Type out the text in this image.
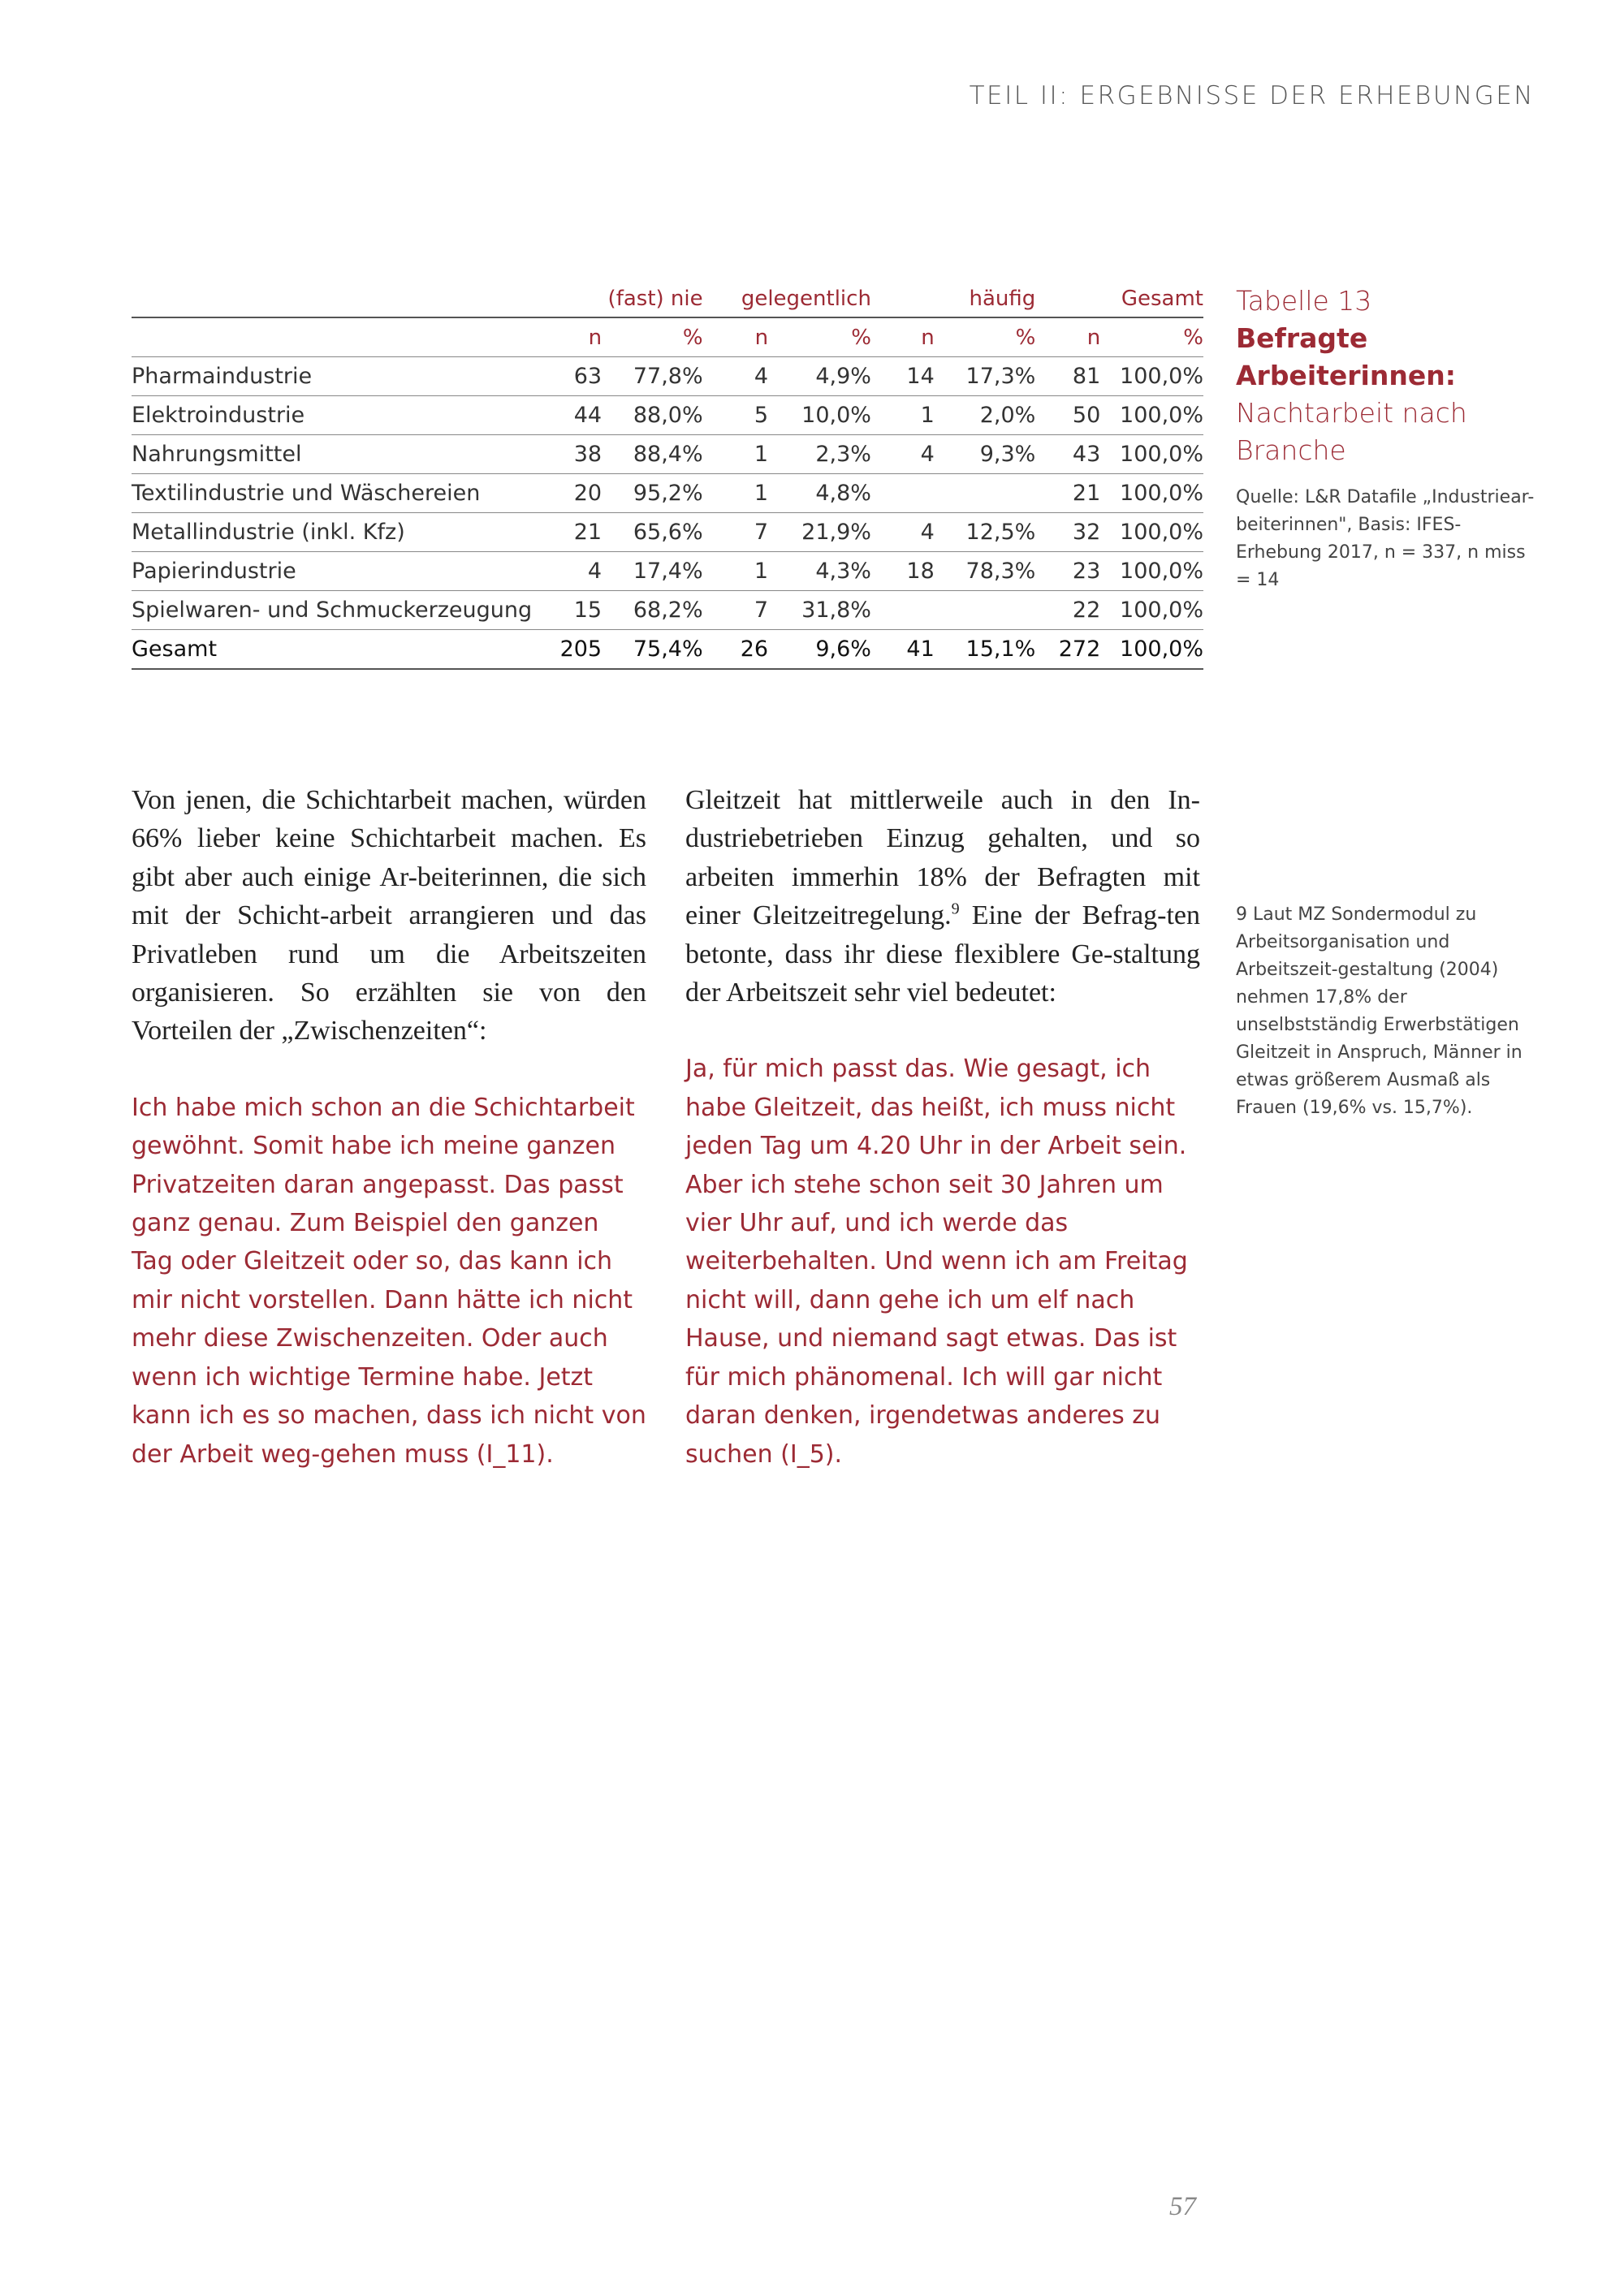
TEIL II: ERGEBNISSE DER ERHEBUNGEN
	(fast) nie		gelegentlich		häufig		Gesamt	
	n	%	n	%	n	%	n	%
Pharmaindustrie	63	77,8%	4	4,9%	14	17,3%	81	100,0%
Elektroindustrie	44	88,0%	5	10,0%	1	2,0%	50	100,0%
Nahrungsmittel	38	88,4%	1	2,3%	4	9,3%	43	100,0%
Textilindustrie und Wäschereien	20	95,2%	1	4,8%			21	100,0%
Metallindustrie (inkl. Kfz)	21	65,6%	7	21,9%	4	12,5%	32	100,0%
Papierindustrie	4	17,4%	1	4,3%	18	78,3%	23	100,0%
Spielwaren- und Schmuckerzeugung	15	68,2%	7	31,8%			22	100,0%
Gesamt	205	75,4%	26	9,6%	41	15,1%	272	100,0%
Tabelle 13
Befragte Arbeiterinnen:
Nachtarbeit nach
Branche
Quelle: L&R Datafile „Industriear-beiterinnen", Basis: IFES-Erhebung 2017, n = 337, n miss = 14

Von jenen, die Schichtarbeit machen, würden 66% lieber keine Schichtarbeit machen. Es gibt aber auch einige Ar-beiterinnen, die sich mit der Schicht-arbeit arrangieren und das Privatleben rund um die Arbeitszeiten organisieren. So erzählten sie von den Vorteilen der „Zwischenzeiten“:

Ich habe mich schon an die Schichtarbeit gewöhnt. Somit habe ich meine ganzen Privatzeiten daran angepasst. Das passt ganz genau. Zum Beispiel den ganzen Tag oder Gleitzeit oder so, das kann ich mir nicht vorstellen. Dann hätte ich nicht mehr diese Zwischenzeiten. Oder auch wenn ich wichtige Termine habe. Jetzt kann ich es so machen, dass ich nicht von der Arbeit weg-gehen muss (I_11).

Gleitzeit hat mittlerweile auch in den In-dustriebetrieben Einzug gehalten, und so arbeiten immerhin 18% der Befragten mit einer Gleitzeitregelung.$^9$ Eine der Befrag-ten betonte, dass ihr diese flexiblere Ge-staltung der Arbeitszeit sehr viel bedeutet:

Ja, für mich passt das. Wie gesagt, ich habe Gleitzeit, das heißt, ich muss nicht jeden Tag um 4.20 Uhr in der Arbeit sein. Aber ich stehe schon seit 30 Jahren um vier Uhr auf, und ich werde das weiterbehalten. Und wenn ich am Freitag nicht will, dann gehe ich um elf nach Hause, und niemand sagt etwas. Das ist für mich phänomenal. Ich will gar nicht daran denken, irgendetwas anderes zu suchen (I_5).

9 Laut MZ Sondermodul zu Arbeitsorganisation und Arbeitszeit-gestaltung (2004) nehmen 17,8% der unselbstständig Erwerbstätigen Gleitzeit in Anspruch, Männer in etwas größerem Ausmaß als Frauen (19,6% vs. 15,7%).
57
